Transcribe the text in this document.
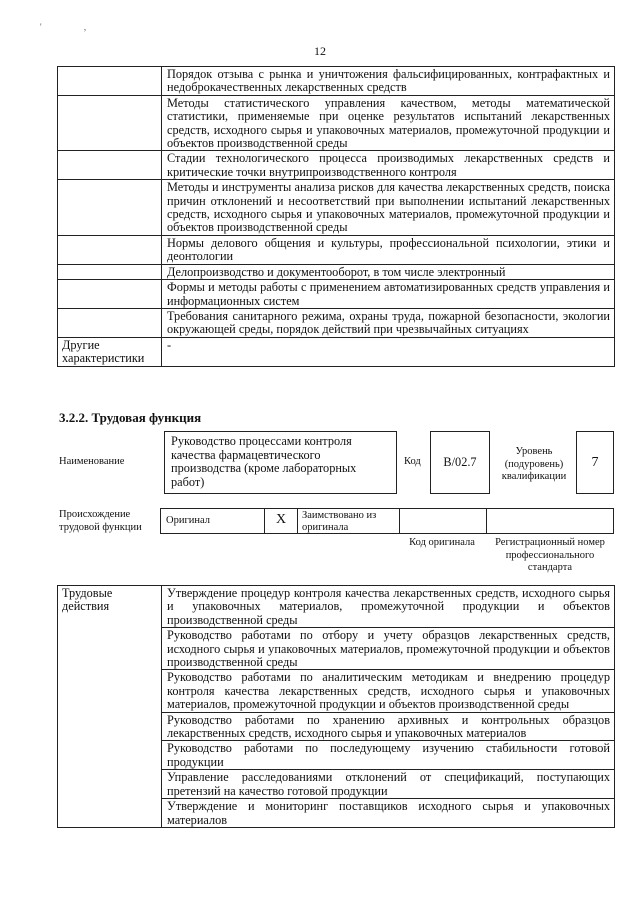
' ,
12
	Порядок отзыва с рынка и уничтожения фальсифицированных, контрафактных и недоброкачественных лекарственных средств
	Методы статистического управления качеством, методы математической статистики, применяемые при оценке результатов испытаний лекарственных средств, исходного сырья и упаковочных материалов, промежуточной продукции и объектов производственной среды
	Стадии технологического процесса производимых лекарственных средств и критические точки внутрипроизводственного контроля
	Методы и инструменты анализа рисков для качества лекарственных средств, поиска причин отклонений и несоответствий при выполнении испытаний лекарственных средств, исходного сырья и упаковочных материалов, промежуточной продукции и объектов производственной среды
	Нормы делового общения и культуры, профессиональной психологии, этики и деонтологии
	Делопроизводство и документооборот, в том числе электронный
	Формы и методы работы с применением автоматизированных средств управления и информационных систем
	Требования санитарного режима, охраны труда, пожарной безопасности, экологии окружающей среды, порядок действий при чрезвычайных ситуациях
Другие характеристики	-
3.2.2. Трудовая функция
Наименование
Руководство процессами контроля качества фармацевтического производства (кроме лабораторных работ)
Код	B/02.7
Уровень (подуровень) квалификации
7
Происхождение трудовой функции
Оригинал	X	Заимствовано из оригинала
Код оригинала	Регистрационный номер профессионального стандарта
Трудовые действия	Утверждение процедур контроля качества лекарственных средств, исходного сырья и упаковочных материалов, промежуточной продукции и объектов производственной среды
Руководство работами по отбору и учету образцов лекарственных средств, исходного сырья и упаковочных материалов, промежуточной продукции и объектов производственной среды
Руководство работами по аналитическим методикам и внедрению процедур контроля качества лекарственных средств, исходного сырья и упаковочных материалов, промежуточной продукции и объектов производственной среды
Руководство работами по хранению архивных и контрольных образцов лекарственных средств, исходного сырья и упаковочных материалов
Руководство работами по последующему изучению стабильности готовой продукции
Управление расследованиями отклонений от спецификаций, поступающих претензий на качество готовой продукции
Утверждение и мониторинг поставщиков исходного сырья и упаковочных материалов
